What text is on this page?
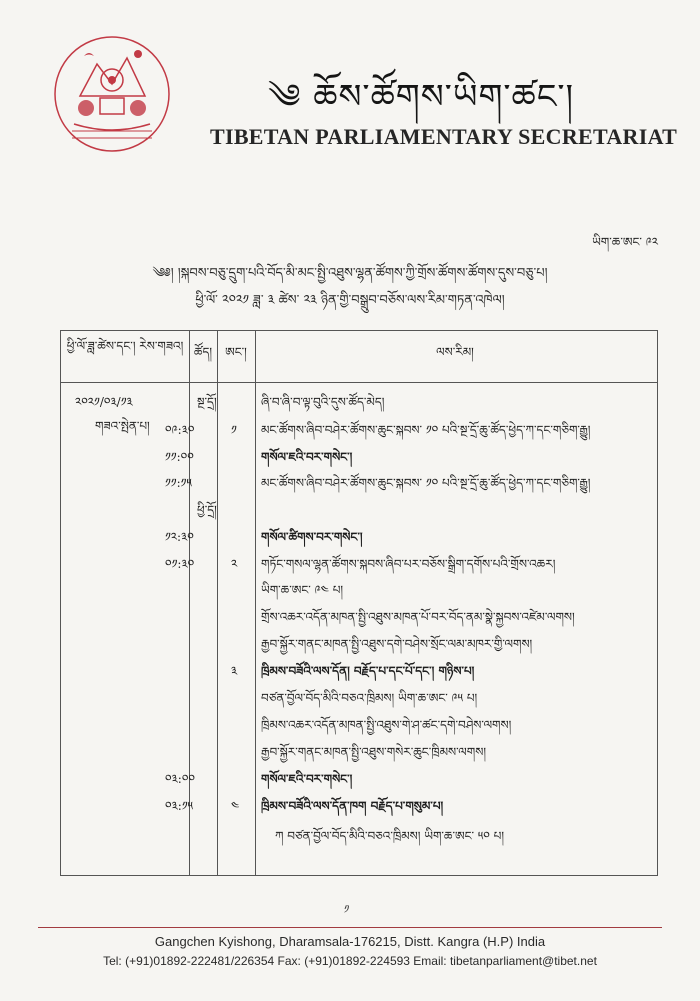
༄ ཆོས་ཚོགས་ཡིག་ཚང་།
TIBETAN PARLIAMENTARY SECRETARIAT
ཡིག་ཆ་ཨང་ ༩༢
༄༅། །སྐབས་བཅུ་དྲུག་པའི་བོད་མི་མང་སྤྱི་འཐུས་ལྷན་ཚོགས་ཀྱི་གྲོས་ཚོགས་ཚོགས་དུས་བཅུ་པ།
ཕྱི་ལོ་ ༢༠༢༡ ཟླ་ ༣ ཚེས་ ༢༣ ཉིན་གྱི་བསྒྲུབ་བཅོས་ལས་རིམ་གཏན་འཁེལ།
ཕྱི་ལོ་ཟླ་ཚེས་དང་། རེས་གཟའ། ཚོད།	ཨང་།	ལས་རིམ།
༢༠༢༡/༠༣/༡༣
གཟའ་སྤེན་པ།
སྔ་དྲོ།
༠༩:༣༠
༡༡:༠༠
༡༡:༡༥
ཕྱི་དྲོ།
༡༢:༣༠
༠༡:༣༠
༠༣:༠༠
༠༣:༡༥
༡
༢
༣
༤
ཞི་བ་ཞི་བ་ལྟ་བུའི་དུས་ཚོད་མེད།
མང་ཚོགས་ཞིབ་བཤེར་ཚོགས་ཆུང་སྐབས་ ༡༠ པའི་སྔ་དྲོ་ཆུ་ཚོད་ཕྱེད་ཀ་དང་གཅིག་རྒྱུ།
གསོལ་ཇའི་བར་གསེང་།
མང་ཚོགས་ཞིབ་བཤེར་ཚོགས་ཆུང་སྐབས་ ༡༠ པའི་སྔ་དྲོ་ཆུ་ཚོད་ཕྱེད་ཀ་དང་གཅིག་རྒྱུ།
གསོལ་ཚིགས་བར་གསེང་།
གཏོང་གསལ་ལྷན་ཚོགས་སྐབས་ཞིབ་པར་བཅོས་སྒྲིག་དགོས་པའི་གྲོས་འཆར།
ཡིག་ཆ་ཨང་ ༩༤ པ།
གྲོས་འཆར་འདོན་མཁན་སྤྱི་འཐུས་མཁན་པོ་བར་བོད་ནམ་སྣེ་སྐྱབས་འཛེམ་ལགས།
རྒྱབ་སྐྱོར་གནང་མཁན་སྤྱི་འཐུས་དགེ་བཤེས་སྲོང་ལམ་མཁར་གྱི་ལགས།
ཁྲིམས་བཟོའི་ལས་དོན། བརྗོད་པ་དང་པོ་དང་། གཉིས་པ།
བཙན་བྱོལ་བོད་མིའི་བཅའ་ཁྲིམས། ཡིག་ཆ་ཨང་ ༩༥ པ།
ཁྲིམས་འཆར་འདོན་མཁན་སྤྱི་འཐུས་གེ་ཤ་ཚང་དགེ་བཤེས་ལགས།
རྒྱབ་སྐྱོར་གནང་མཁན་སྤྱི་འཐུས་གསེར་ཆུང་ཁྲིམས་ལགས།
གསོལ་ཇའི་བར་གསེང་།
ཁྲིམས་བཟོའི་ལས་དོན་ཁག བརྗོད་པ་གསུམ་པ།
ཀ བཙན་བྱོལ་བོད་མིའི་བཅའ་ཁྲིམས། ཡིག་ཆ་ཨང་ ༥༠ པ།
༡
Gangchen Kyishong, Dharamsala-176215, Distt. Kangra (H.P) India
Tel: (+91)01892-222481/226354 Fax: (+91)01892-224593 Email: tibetanparliament@tibet.net
